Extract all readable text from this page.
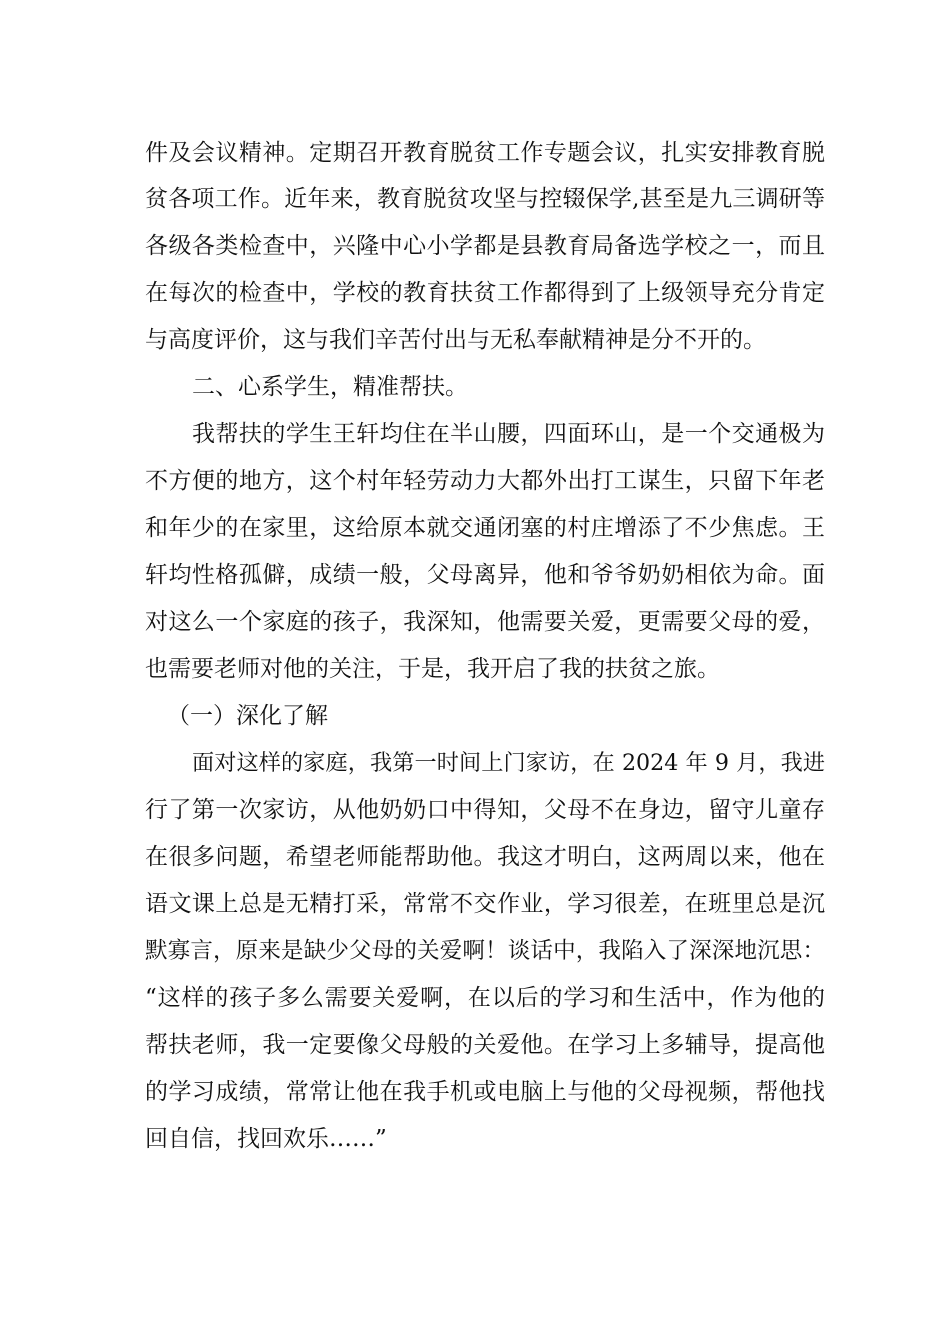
件及会议精神。定期召开教育脱贫工作专题会议，扎实安排教育脱
贫各项工作。近年来，教育脱贫攻坚与控辍保学,甚至是九三调研等
各级各类检查中，兴隆中心小学都是县教育局备选学校之一，而且
在每次的检查中，学校的教育扶贫工作都得到了上级领导充分肯定
与高度评价，这与我们辛苦付出与无私奉献精神是分不开的。
二、心系学生，精准帮扶。
我帮扶的学生王轩均住在半山腰，四面环山，是一个交通极为
不方便的地方，这个村年轻劳动力大都外出打工谋生，只留下年老
和年少的在家里，这给原本就交通闭塞的村庄增添了不少焦虑。王
轩均性格孤僻，成绩一般，父母离异，他和爷爷奶奶相依为命。面
对这么一个家庭的孩子，我深知，他需要关爱，更需要父母的爱，
也需要老师对他的关注，于是，我开启了我的扶贫之旅。
（一）深化了解
面对这样的家庭，我第一时间上门家访，在 2024 年 9 月，我进
行了第一次家访，从他奶奶口中得知，父母不在身边，留守儿童存
在很多问题，希望老师能帮助他。我这才明白，这两周以来，他在
语文课上总是无精打采，常常不交作业，学习很差，在班里总是沉
默寡言，原来是缺少父母的关爱啊！谈话中，我陷入了深深地沉思：
“这样的孩子多么需要关爱啊，在以后的学习和生活中，作为他的
帮扶老师，我一定要像父母般的关爱他。在学习上多辅导，提高他
的学习成绩，常常让他在我手机或电脑上与他的父母视频，帮他找
回自信，找回欢乐……”
